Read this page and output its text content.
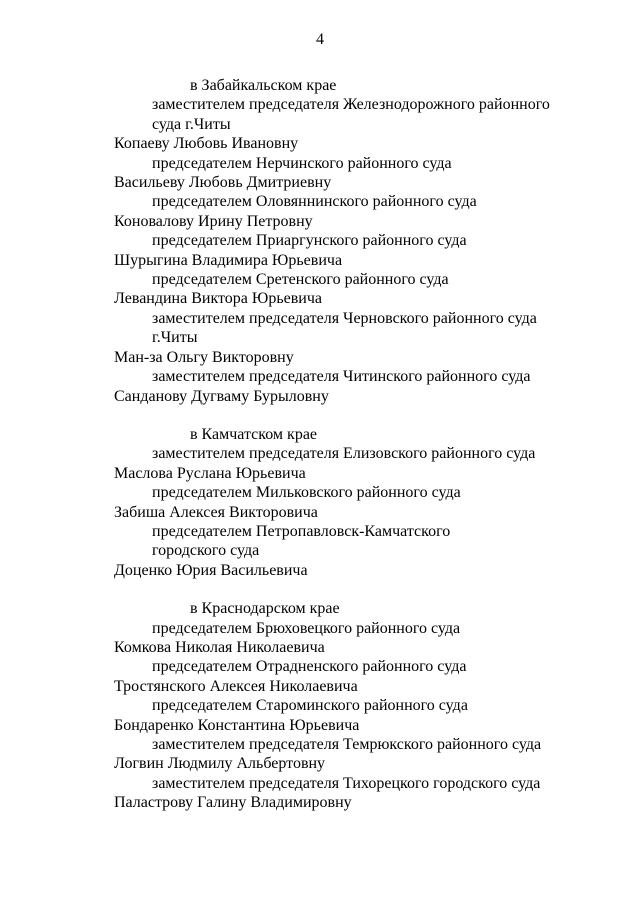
4
в Забайкальском крае
заместителем председателя Железнодорожного районного
суда г.Читы
Копаеву Любовь Ивановну
председателем Нерчинского районного суда
Васильеву Любовь Дмитриевну
председателем Оловяннинского районного суда
Коновалову Ирину Петровну
председателем Приаргунского районного суда
Шурыгина Владимира Юрьевича
председателем Сретенского районного суда
Левандина Виктора Юрьевича
заместителем председателя Черновского районного суда
г.Читы
Ман-за Ольгу Викторовну
заместителем председателя Читинского районного суда
Санданову Дугваму Бурыловну
в Камчатском крае
заместителем председателя Елизовского районного суда
Маслова Руслана Юрьевича
председателем Мильковского районного суда
Забиша Алексея Викторовича
председателем Петропавловск-Камчатского
городского суда
Доценко Юрия Васильевича
в Краснодарском крае
председателем Брюховецкого районного суда
Комкова Николая Николаевича
председателем Отрадненского районного суда
Тростянского Алексея Николаевича
председателем Староминского районного суда
Бондаренко Константина Юрьевича
заместителем председателя Темрюкского районного суда
Логвин Людмилу Альбертовну
заместителем председателя Тихорецкого городского суда
Паластрову Галину Владимировну
